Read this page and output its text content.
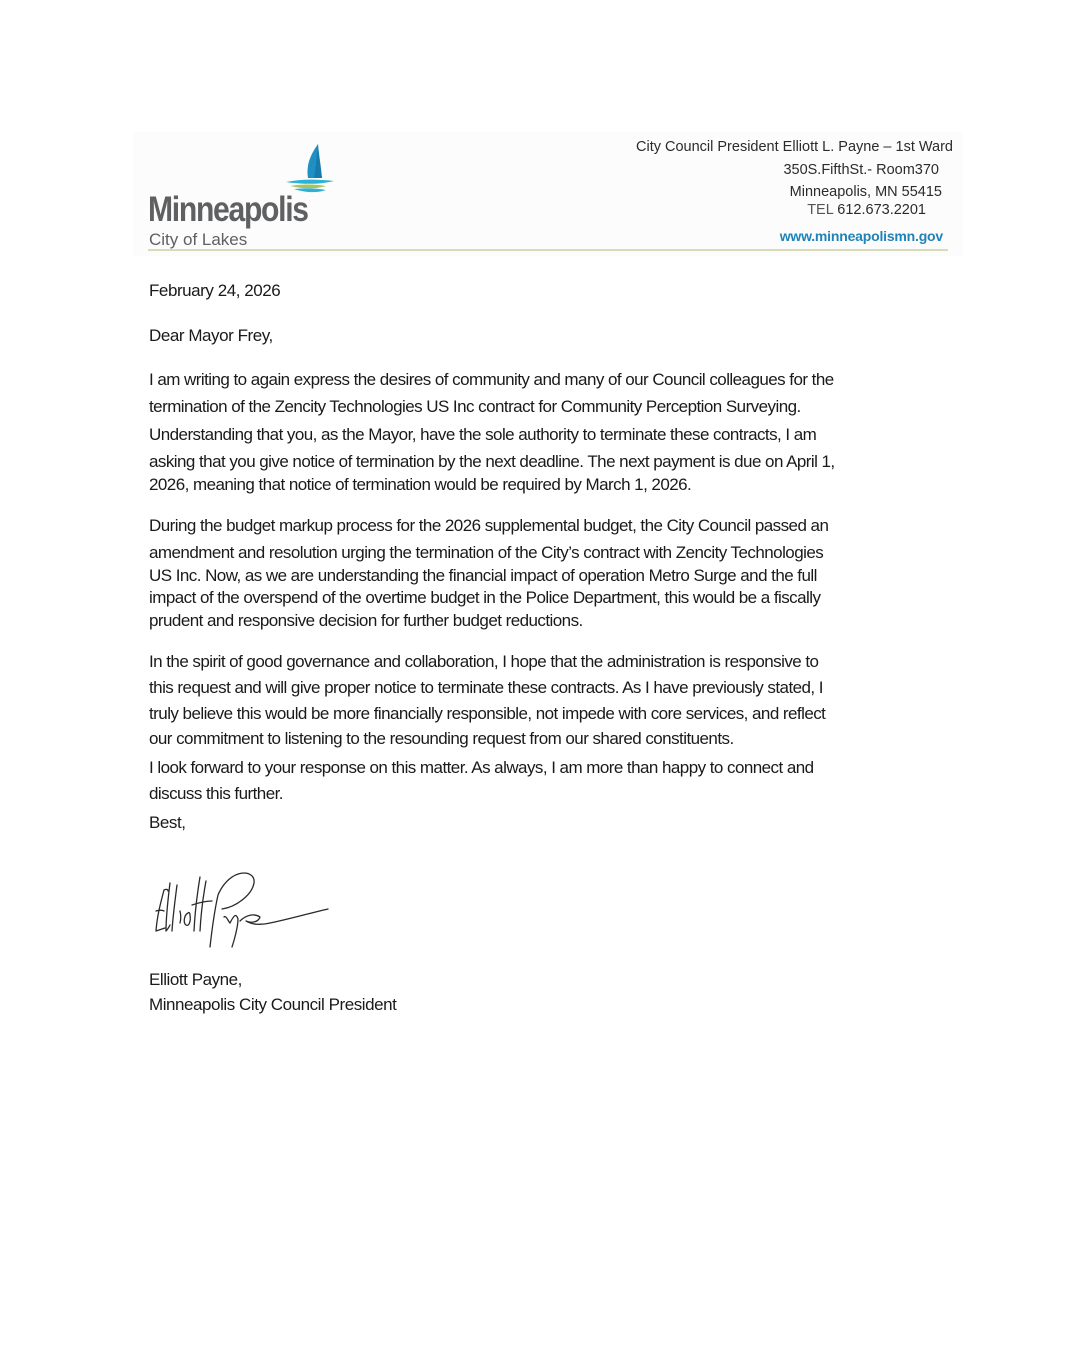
Minneapolis
City of Lakes
City Council President Elliott L. Payne – 1st Ward
350S.FifthSt.- Room370
Minneapolis, MN 55415
TEL 612.673.2201
www.minneapolismn.gov
February 24, 2026
Dear Mayor Frey,
I am writing to again express the desires of community and many of our Council colleagues for the
termination of the Zencity Technologies US Inc contract for Community Perception Surveying.
Understanding that you, as the Mayor, have the sole authority to terminate these contracts, I am
asking that you give notice of termination by the next deadline. The next payment is due on April 1,
2026, meaning that notice of termination would be required by March 1, 2026.
During the budget markup process for the 2026 supplemental budget, the City Council passed an
amendment and resolution urging the termination of the City’s contract with Zencity Technologies
US Inc. Now, as we are understanding the financial impact of operation Metro Surge and the full
impact of the overspend of the overtime budget in the Police Department, this would be a fiscally
prudent and responsive decision for further budget reductions.
In the spirit of good governance and collaboration, I hope that the administration is responsive to
this request and will give proper notice to terminate these contracts. As I have previously stated, I
truly believe this would be more financially responsible, not impede with core services, and reflect
our commitment to listening to the resounding request from our shared constituents.
I look forward to your response on this matter. As always, I am more than happy to connect and
discuss this further.
Best,
Elliott Payne,
Minneapolis City Council President
